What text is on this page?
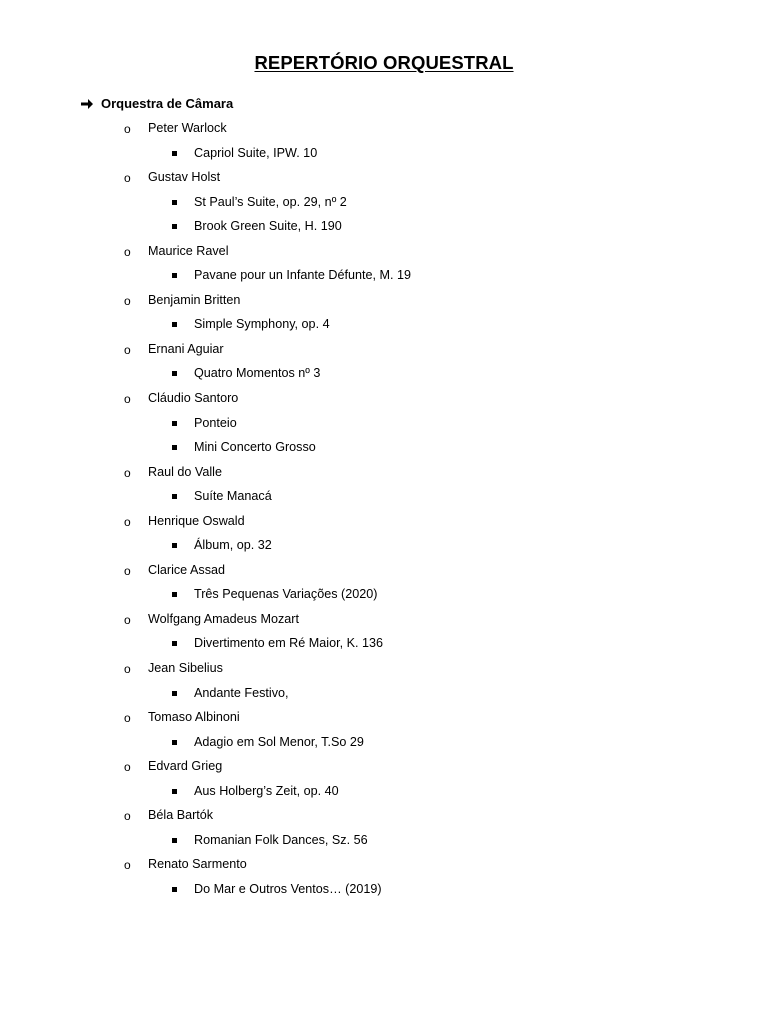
REPERTÓRIO ORQUESTRAL
Orquestra de Câmara
o Peter Warlock
Capriol Suite, IPW. 10
o Gustav Holst
St Paul’s Suite, op. 29, nº 2
Brook Green Suite, H. 190
o Maurice Ravel
Pavane pour un Infante Défunte, M. 19
o Benjamin Britten
Simple Symphony, op. 4
o Ernani Aguiar
Quatro Momentos nº 3
o Cláudio Santoro
Ponteio
Mini Concerto Grosso
o Raul do Valle
Suíte Manacá
o Henrique Oswald
Álbum, op. 32
o Clarice Assad
Três Pequenas Variações (2020)
o Wolfgang Amadeus Mozart
Divertimento em Ré Maior, K. 136
o Jean Sibelius
Andante Festivo,
o Tomaso Albinoni
Adagio em Sol Menor, T.So 29
o Edvard Grieg
Aus Holberg’s Zeit, op. 40
o Béla Bartók
Romanian Folk Dances, Sz. 56
o Renato Sarmento
Do Mar e Outros Ventos… (2019)
